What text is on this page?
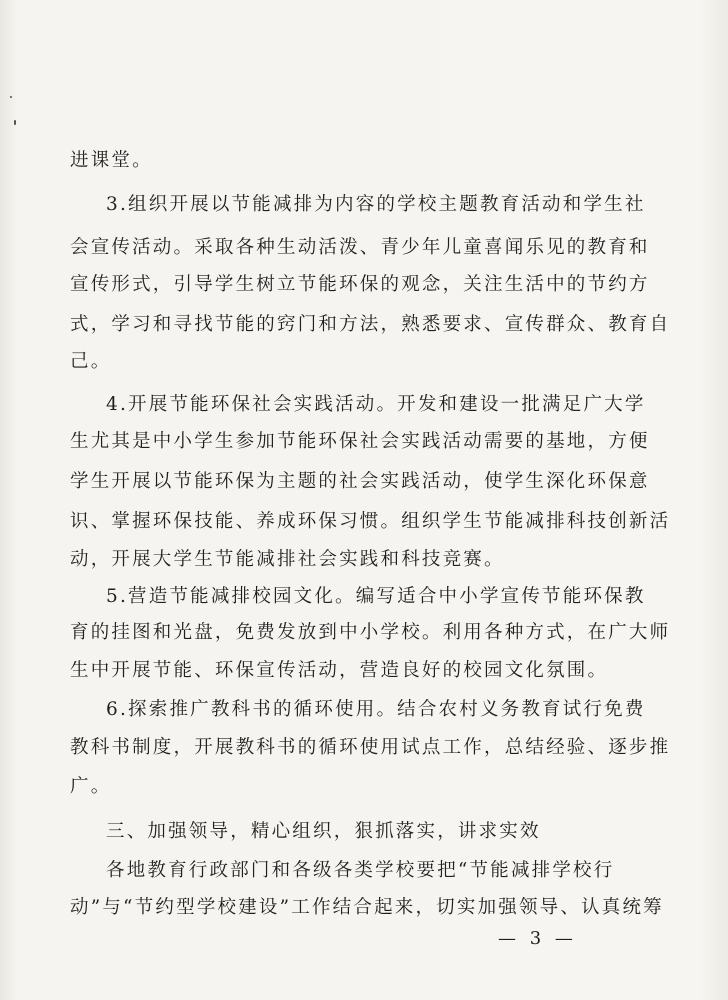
进课堂。
3.组织开展以节能减排为内容的学校主题教育活动和学生社
会宣传活动。采取各种生动活泼、青少年儿童喜闻乐见的教育和
宣传形式，引导学生树立节能环保的观念，关注生活中的节约方
式，学习和寻找节能的窍门和方法，熟悉要求、宣传群众、教育自
己。
4.开展节能环保社会实践活动。开发和建设一批满足广大学
生尤其是中小学生参加节能环保社会实践活动需要的基地，方便
学生开展以节能环保为主题的社会实践活动，使学生深化环保意
识、掌握环保技能、养成环保习惯。组织学生节能减排科技创新活
动，开展大学生节能减排社会实践和科技竞赛。
5.营造节能减排校园文化。编写适合中小学宣传节能环保教
育的挂图和光盘，免费发放到中小学校。利用各种方式，在广大师
生中开展节能、环保宣传活动，营造良好的校园文化氛围。
6.探索推广教科书的循环使用。结合农村义务教育试行免费
教科书制度，开展教科书的循环使用试点工作，总结经验、逐步推
广。
三、加强领导，精心组织，狠抓落实，讲求实效
各地教育行政部门和各级各类学校要把“节能减排学校行
动”与“节约型学校建设”工作结合起来，切实加强领导、认真统筹
— 3 —
